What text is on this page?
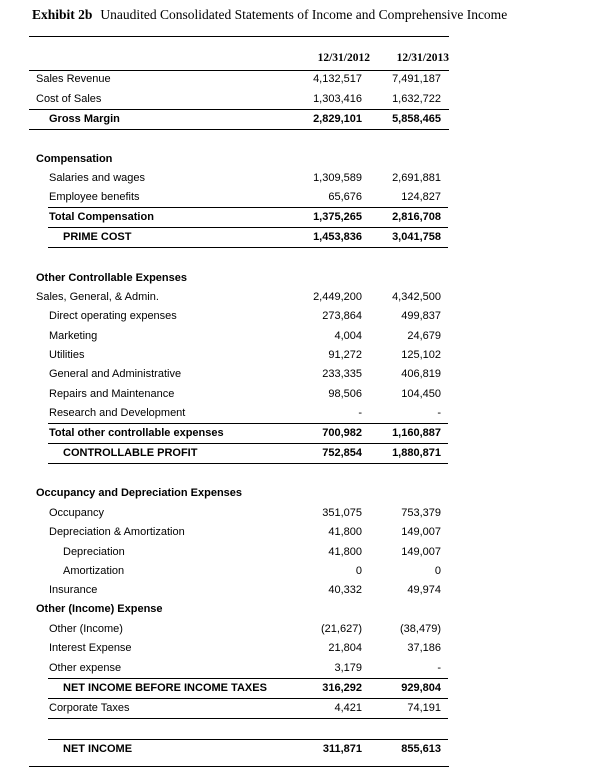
Exhibit 2b Unaudited Consolidated Statements of Income and Comprehensive Income
12/31/2012	12/31/2013
Sales Revenue	4,132,517	7,491,187
Cost of Sales	1,303,416	1,632,722
Gross Margin	2,829,101	5,858,465
Compensation
Salaries and wages	1,309,589	2,691,881
Employee benefits	65,676	124,827
Total Compensation	1,375,265	2,816,708
PRIME COST	1,453,836	3,041,758
Other Controllable Expenses
Sales, General, & Admin.	2,449,200	4,342,500
Direct operating expenses	273,864	499,837
Marketing	4,004	24,679
Utilities	91,272	125,102
General and Administrative	233,335	406,819
Repairs and Maintenance	98,506	104,450
Research and Development	-	-
Total other controllable expenses	700,982	1,160,887
CONTROLLABLE PROFIT	752,854	1,880,871
Occupancy and Depreciation Expenses
Occupancy	351,075	753,379
Depreciation & Amortization	41,800	149,007
Depreciation	41,800	149,007
Amortization	0	0
Insurance	40,332	49,974
Other (Income) Expense
Other (Income)	(21,627)	(38,479)
Interest Expense	21,804	37,186
Other expense	3,179	-
NET INCOME BEFORE INCOME TAXES	316,292	929,804
Corporate Taxes	4,421	74,191
NET INCOME	311,871	855,613
